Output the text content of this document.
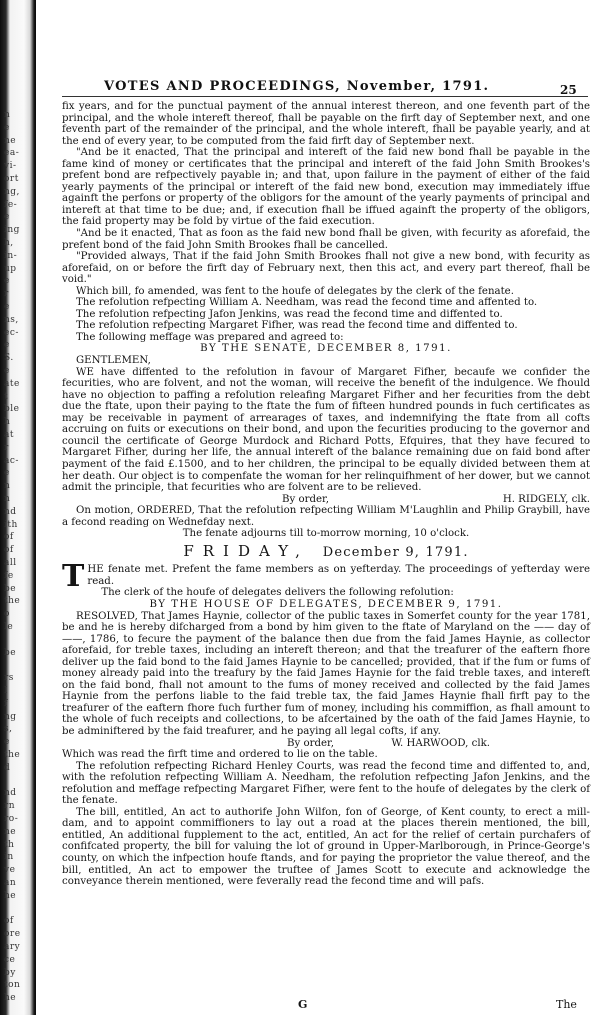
n
e
ne
ea-
vi-
ort
ng,
fe-
e
ing
h,
in-
up
e
r
e
ns,
ec-
e
S.
e
ate
t
ble
h
at
r
ac-
e
n
n
nd
ith
of
of
all
fe
be
the
o
le
be
rs
I
f
ng
s,
e
the
d
nd
rn
ro-
ne
th
in
ve
an
he
of
ore
ary
ce
by
ton
he
VOTES AND PROCEEDINGS, November, 1791.	25

fix years, and for the punctual payment of the annual interest thereon, and one feventh part of the principal, and the whole intereft thereof, fhall be payable on the firft day of September next, and one feventh part of the remainder of the principal, and the whole intereft, fhall be payable yearly, and at the end of every year, to be computed from the faid firft day of September next.

"And be it enacted, That the principal and intereft of the faid new bond fhall be payable in the fame kind of money or certificates that the principal and intereft of the faid John Smith Brookes's prefent bond are refpectively payable in; and that, upon failure in the payment of either of the faid yearly payments of the principal or intereft of the faid new bond, execution may immediately iffue againft the perfons or property of the obligors for the amount of the yearly payments of principal and intereft at that time to be due; and, if execution fhall be iffued againft the property of the obligors, the faid property may be fold by virtue of the faid execution.

"And be it enacted, That as foon as the faid new bond fhall be given, with fecurity as aforefaid, the prefent bond of the faid John Smith Brookes fhall be cancelled.

"Provided always, That if the faid John Smith Brookes fhall not give a new bond, with fecurity as aforefaid, on or before the firft day of February next, then this act, and every part thereof, fhall be void."

Which bill, fo amended, was fent to the houfe of delegates by the clerk of the fenate.

The refolution refpecting William A. Needham, was read the fecond time and affented to.

The refolution refpecting Jafon Jenkins, was read the fecond time and diffented to.

The refolution refpecting Margaret Fifher, was read the fecond time and diffented to.

The following meffage was prepared and agreed to:

BY THE SENATE, DECEMBER 8, 1791.

GENTLEMEN,

WE have diffented to the refolution in favour of Margaret Fifher, becaufe we confider the fecurities, who are folvent, and not the woman, will receive the benefit of the indulgence. We fhould have no objection to paffing a refolution releafing Margaret Fifher and her fecurities from the debt due the ftate, upon their paying to the ftate the fum of fifteen hundred pounds in fuch certificates as may be receivable in payment of arrearages of taxes, and indemnifying the ftate from all cofts accruing on fuits or executions on their bond, and upon the fecurities producing to the governor and council the certificate of George Murdock and Richard Potts, Efquires, that they have fecured to Margaret Fifher, during her life, the annual intereft of the balance remaining due on faid bond after payment of the faid £.1500, and to her children, the principal to be equally divided between them at her death. Our object is to compenfate the woman for her relinquifhment of her dower, but we cannot admit the principle, that fecurities who are folvent are to be relieved.

By order,	H. RIDGELY, clk.

On motion, ORDERED, That the refolution refpecting William M'Laughlin and Philip Graybill, have a fecond reading on Wednefday next.

The fenate adjourns till to-morrow morning, 10 o'clock.

FRIDAY, December 9, 1791.

THE fenate met. Prefent the fame members as on yefterday. The proceedings of yefterday were read.

The clerk of the houfe of delegates delivers the following refolution:

BY THE HOUSE OF DELEGATES, DECEMBER 9, 1791.

RESOLVED, That James Haynie, collector of the public taxes in Somerfet county for the year 1781, be and he is hereby difcharged from a bond by him given to the ftate of Maryland on the —— day of ——, 1786, to fecure the payment of the balance then due from the faid James Haynie, as collector aforefaid, for treble taxes, including an intereft thereon; and that the treafurer of the eaftern fhore deliver up the faid bond to the faid James Haynie to be cancelled; provided, that if the fum or fums of money already paid into the treafury by the faid James Haynie for the faid treble taxes, and intereft on the faid bond, fhall not amount to the fums of money received and collected by the faid James Haynie from the perfons liable to the faid treble tax, the faid James Haynie fhall firft pay to the treafurer of the eaftern fhore fuch further fum of money, including his commiffion, as fhall amount to the whole of fuch receipts and collections, to be afcertained by the oath of the faid James Haynie, to be adminiftered by the faid treafurer, and he paying all legal cofts, if any.

By order,	W. HARWOOD, clk.

Which was read the firft time and ordered to lie on the table.

The refolution refpecting Richard Henley Courts, was read the fecond time and diffented to, and, with the refolution refpecting William A. Needham, the refolution refpecting Jafon Jenkins, and the refolution and meffage refpecting Margaret Fifher, were fent to the houfe of delegates by the clerk of the fenate.

The bill, entitled, An act to authorife John Wilfon, fon of George, of Kent county, to erect a mill-dam, and to appoint commiffioners to lay out a road at the places therein mentioned, the bill, entitled, An additional fupplement to the act, entitled, An act for the relief of certain purchafers of confifcated property, the bill for valuing the lot of ground in Upper-Marlborough, in Prince-George's county, on which the infpection houfe ftands, and for paying the proprietor the value thereof, and the bill, entitled, An act to empower the truftee of James Scott to execute and acknowledge the conveyance therein mentioned, were feverally read the fecond time and will pafs.

G	The
